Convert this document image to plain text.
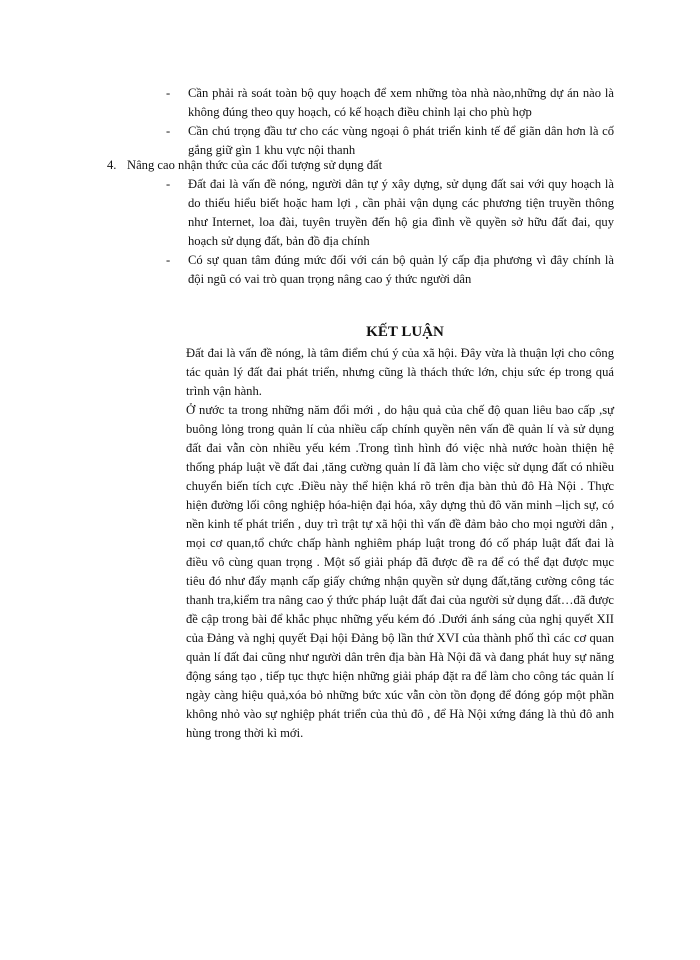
- Cần phải rà soát toàn bộ quy hoạch để xem những tòa nhà nào,những dự án nào là không đúng theo quy hoạch, có kế hoạch điều chỉnh lại cho phù hợp
- Cần chú trọng đầu tư cho các vùng ngoại ô phát triển kinh tế để giãn dân hơn là cố gắng giữ gìn 1 khu vực nội thanh
4. Nâng cao nhận thức của các đối tượng sử dụng đất
- Đất đai là vấn đề nóng, người dân tự ý xây dựng, sử dụng đất sai với quy hoạch là do thiếu hiểu biết hoặc ham lợi , cần phải vận dụng các phương tiện truyền thông như Internet, loa đài, tuyên truyền đến hộ gia đình về quyền sở hữu đất đai, quy hoạch sử dụng đất, bản đồ địa chính
- Có sự quan tâm đúng mức đối với cán bộ quản lý cấp địa phương vì đây chính là đội ngũ có vai trò quan trọng nâng cao ý thức người dân
KẾT LUẬN

Đất đai là vấn đề nóng, là tâm điểm chú ý của xã hội. Đây vừa là thuận lợi cho công tác quản lý đất đai phát triển, nhưng cũng là thách thức lớn, chịu sức ép trong quá trình vận hành.

Ở nước ta trong những năm đổi mới , do hậu quả của chế độ quan liêu bao cấp ,sự buông lỏng trong quản lí của nhiều cấp chính quyền nên vấn đề quản lí và sử dụng đất đai vẫn còn nhiều yếu kém .Trong tình hình đó việc nhà nước hoàn thiện hệ thống pháp luật về đất đai ,tăng cường quản lí đã làm cho việc sử dụng đất có nhiều chuyển biến tích cực .Điều này thể hiện khá rõ trên địa bàn thủ đô Hà Nội . Thực hiện đường lối công nghiệp hóa-hiện đại hóa, xây dựng thủ đô văn minh –lịch sự, có nền kinh tế phát triển , duy trì trật tự xã hội thì vấn đề đảm bảo cho mọi người dân , mọi cơ quan,tổ chức chấp hành nghiêm pháp luật trong đó cố pháp luật đất đai là điều vô cùng quan trọng . Một số giải pháp đã được đề ra để có thể đạt được mục tiêu đó như đẩy mạnh cấp giấy chứng nhận quyền sử dụng đất,tăng cường công tác thanh tra,kiểm tra nâng cao ý thức pháp luật đất đai của người sử dụng đất…đã được đề cập trong bài để khắc phục những yếu kém đó .Dưới ánh sáng của nghị quyết XII của Đảng và nghị quyết Đại hội Đảng bộ lần thứ XVI của thành phố thì các cơ quan quản lí đất đai cũng như người dân trên địa bàn Hà Nội đã và đang phát huy sự năng động sáng tạo , tiếp tục thực hiện những giải pháp đặt ra để làm cho công tác quản lí ngày càng hiệu quả,xóa bỏ những bức xúc vẫn còn tồn đọng để đóng góp một phần không nhỏ vào sự nghiệp phát triển của thủ đô , để Hà Nội xứng đáng là thủ đô anh hùng trong thời kì mới.
